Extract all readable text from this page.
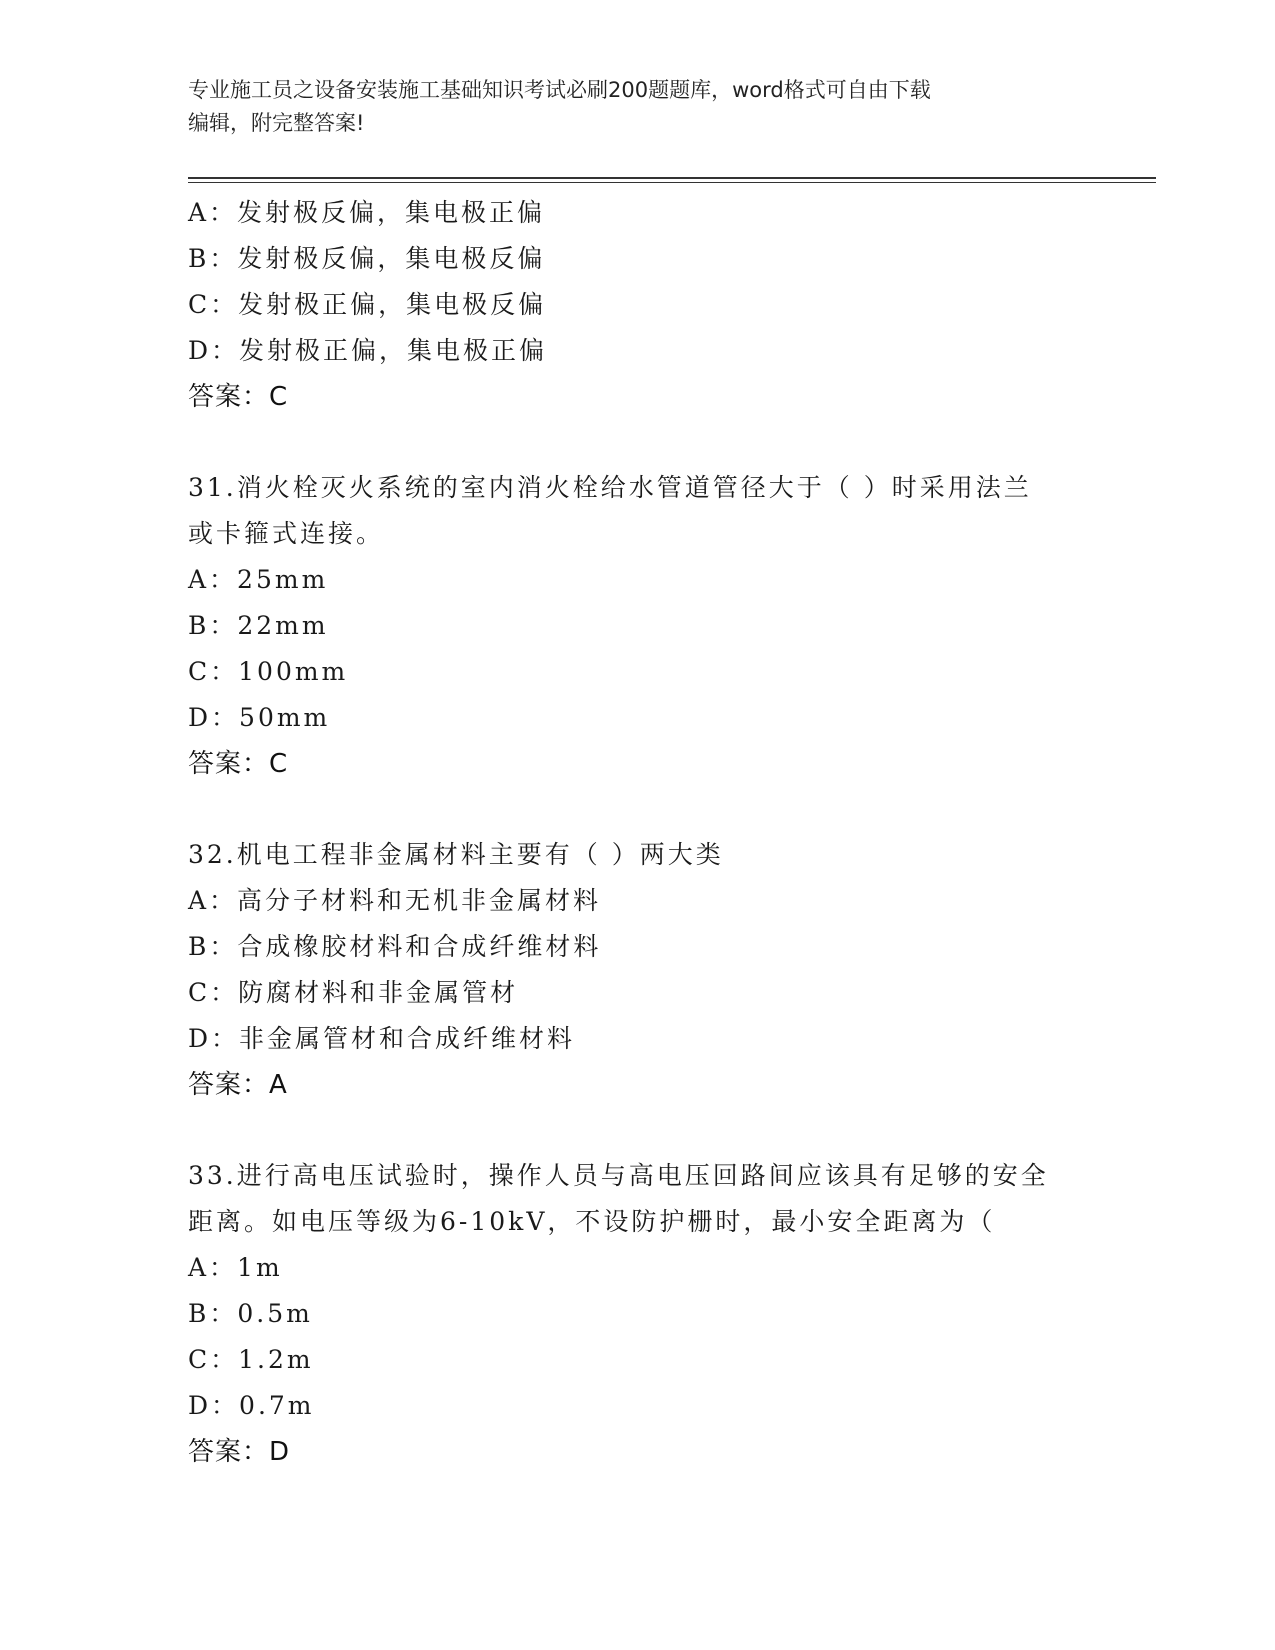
专业施工员之设备安装施工基础知识考试必刷200题题库，word格式可自由下载
编辑，附完整答案!
A：发射极反偏，集电极正偏
B：发射极反偏，集电极反偏
C：发射极正偏，集电极反偏
D：发射极正偏，集电极正偏
答案：C
31.消火栓灭火系统的室内消火栓给水管道管径大于（ ）时采用法兰
或卡箍式连接。
A：25mm
B：22mm
C：100mm
D：50mm
答案：C
32.机电工程非金属材料主要有（ ）两大类
A：高分子材料和无机非金属材料
B：合成橡胶材料和合成纤维材料
C：防腐材料和非金属管材
D：非金属管材和合成纤维材料
答案：A
33.进行高电压试验时，操作人员与高电压回路间应该具有足够的安全
距离。如电压等级为6-10kV，不设防护栅时，最小安全距离为（
A：1m
B：0.5m
C：1.2m
D：0.7m
答案：D
